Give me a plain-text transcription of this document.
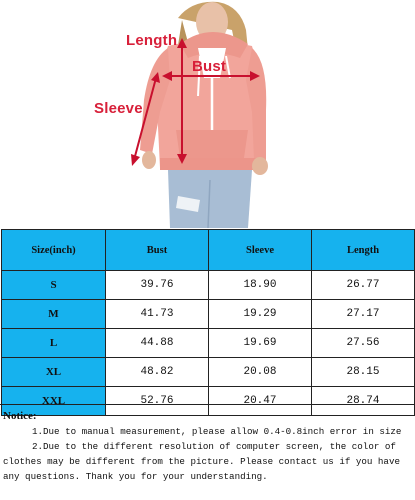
Length
Bust
Sleeve
Size(inch)	Bust	Sleeve	Length
S	39.76	18.90	26.77
M	41.73	19.29	27.17
L	44.88	19.69	27.56
XL	48.82	20.08	28.15
XXL	52.76	20.47	28.74
Notice:
1.Due to manual measurement, please allow 0.4-0.8inch error in size
2.Due to the different resolution of computer screen, the color of
clothes may be different from the picture. Please contact us if you have
any questions. Thank you for your understanding.
